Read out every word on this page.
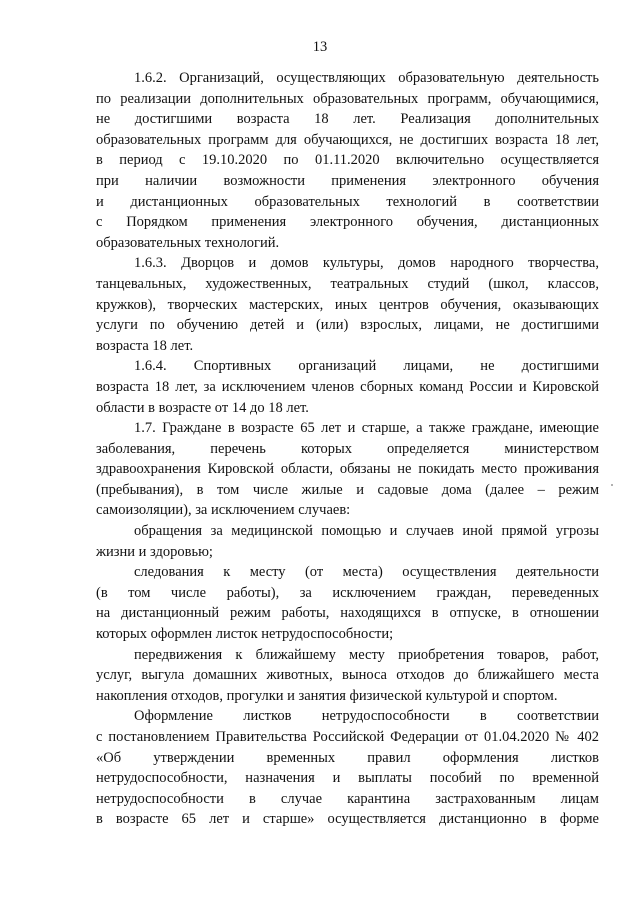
13
1.6.2. Организаций, осуществляющих образовательную деятельность
по реализации дополнительных образовательных программ, обучающимися,
не достигшими возраста 18 лет. Реализация дополнительных
образовательных программ для обучающихся, не достигших возраста 18 лет,
в период с 19.10.2020 по 01.11.2020 включительно осуществляется
при наличии возможности применения электронного обучения
и дистанционных образовательных технологий в соответствии
с Порядком применения электронного обучения, дистанционных
образовательных технологий.
1.6.3. Дворцов и домов культуры, домов народного творчества,
танцевальных, художественных, театральных студий (школ, классов,
кружков), творческих мастерских, иных центров обучения, оказывающих
услуги по обучению детей и (или) взрослых, лицами, не достигшими
возраста 18 лет.
1.6.4. Спортивных организаций лицами, не достигшими
возраста 18 лет, за исключением членов сборных команд России и Кировской
области в возрасте от 14 до 18 лет.
1.7. Граждане в возрасте 65 лет и старше, а также граждане, имеющие
заболевания, перечень которых определяется министерством
здравоохранения Кировской области, обязаны не покидать место проживания
(пребывания), в том числе жилые и садовые дома (далее – режим
самоизоляции), за исключением случаев:
обращения за медицинской помощью и случаев иной прямой угрозы
жизни и здоровью;
следования к месту (от места) осуществления деятельности
(в том числе работы), за исключением граждан, переведенных
на дистанционный режим работы, находящихся в отпуске, в отношении
которых оформлен листок нетрудоспособности;
передвижения к ближайшему месту приобретения товаров, работ,
услуг, выгула домашних животных, выноса отходов до ближайшего места
накопления отходов, прогулки и занятия физической культурой и спортом.
Оформление листков нетрудоспособности в соответствии
с постановлением Правительства Российской Федерации от 01.04.2020 № 402
«Об утверждении временных правил оформления листков
нетрудоспособности, назначения и выплаты пособий по временной
нетрудоспособности в случае карантина застрахованным лицам
в возрасте 65 лет и старше» осуществляется дистанционно в форме
